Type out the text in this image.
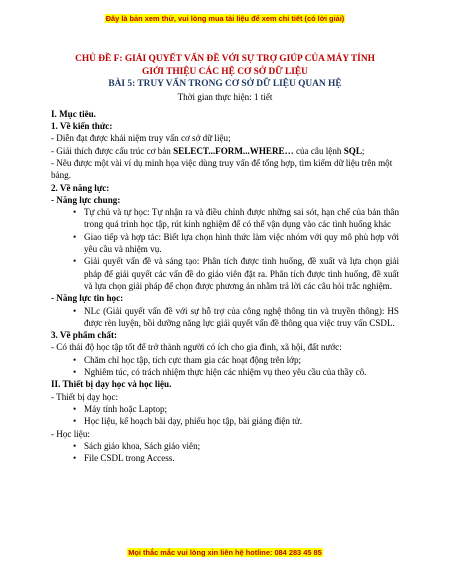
Đây là bản xem thử, vui lòng mua tài liệu để xem chi tiết (có lời giải)

CHỦ ĐỀ F: GIẢI QUYẾT VẤN ĐỀ VỚI SỰ TRỢ GIÚP CỦA MÁY TÍNH

GIỚI THIỆU CÁC HỆ CƠ SỞ DỮ LIỆU

BÀI 5: TRUY VẤN TRONG CƠ SỞ DỮ LIỆU QUAN HỆ

Thời gian thực hiện: 1 tiết

I. Mục tiêu.

1. Về kiến thức:

- Diễn đạt được khái niệm truy vấn cơ sở dữ liệu;

- Giải thích được cấu trúc cơ bản SELECT...FORM...WHERE… của câu lệnh SQL;

- Nêu được một vài ví dụ minh họa việc dùng truy vấn để tổng hợp, tìm kiếm dữ liệu trên một bảng.

2. Về năng lực:

- Năng lực chung:

• Tự chủ và tự học: Tự nhận ra và điều chỉnh được những sai sót, hạn chế của bản thân trong quá trình học tập, rút kinh nghiệm để có thể vận dụng vào các tình huống khác

• Giao tiếp và hợp tác: Biết lựa chọn hình thức làm việc nhóm với quy mô phù hợp với yêu cầu và nhiệm vụ.

• Giải quyết vấn đề và sáng tạo: Phân tích được tình huống, đề xuất và lựa chọn giải pháp để giải quyết các vấn đề do giáo viên đặt ra. Phân tích được tình huống, đề xuất và lựa chọn giải pháp để chọn được phương án nhằm trả lời các câu hỏi trắc nghiệm.

- Năng lực tin học:

• NLc (Giải quyết vấn đề với sự hỗ trợ của công nghệ thông tin và truyền thông): HS được rèn luyện, bồi dưỡng năng lực giải quyết vấn đề thông qua việc truy vấn CSDL.

3. Về phẩm chất:

- Có thái độ học tập tốt để trở thành người có ích cho gia đình, xã hội, đất nước:

• Chăm chỉ học tập, tích cực tham gia các hoạt động trên lớp;

• Nghiêm túc, có trách nhiệm thực hiện các nhiệm vụ theo yêu cầu của thầy cô.

II. Thiết bị dạy học và học liệu.

- Thiết bị dạy học:

• Máy tính hoặc Laptop;

• Học liệu, kế hoạch bài dạy, phiếu học tập, bài giảng điện tử.

- Học liệu:

• Sách giáo khoa, Sách giáo viên;

• File CSDL trong Access.

Mọi thắc mắc vui lòng xin liên hệ hotline: 084 283 45 85
